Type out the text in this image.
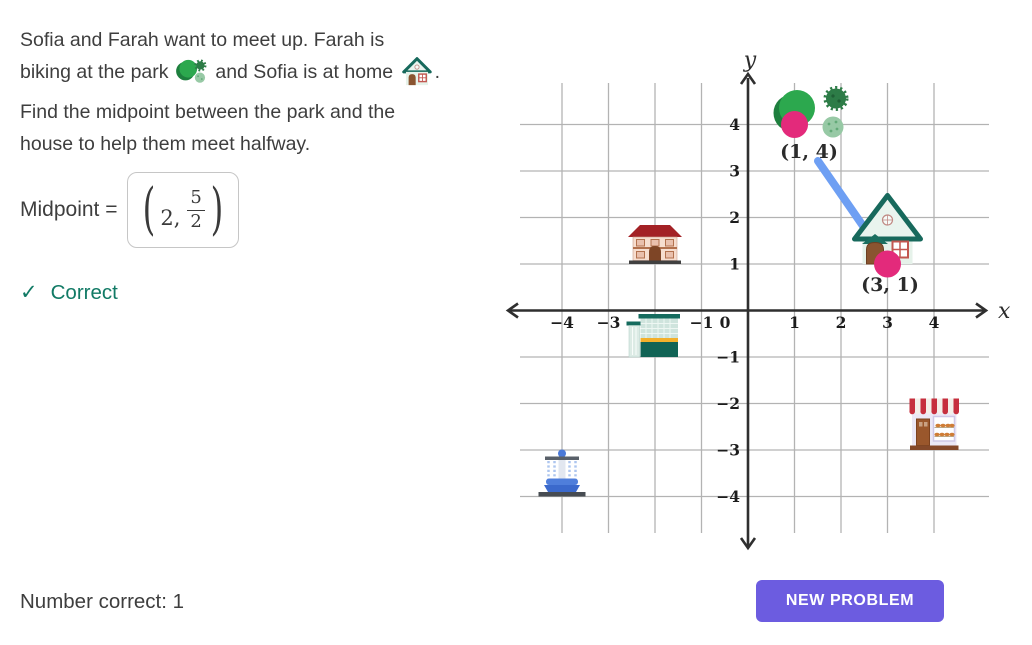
Sofia and Farah want to meet up. Farah is
biking at the park and Sofia is at home .
Find the midpoint between the park and the
house to help them meet halfway.
Midpoint = ( 2, $\frac{5}{2}$ )
✓ Correct
y
x
−4 −3	−1 0	1 2 3 4
4
3
2
1
−1
−2
−3
−4
(1, 4)
(3, 1)
Number correct: 1	NEW PROBLEM
